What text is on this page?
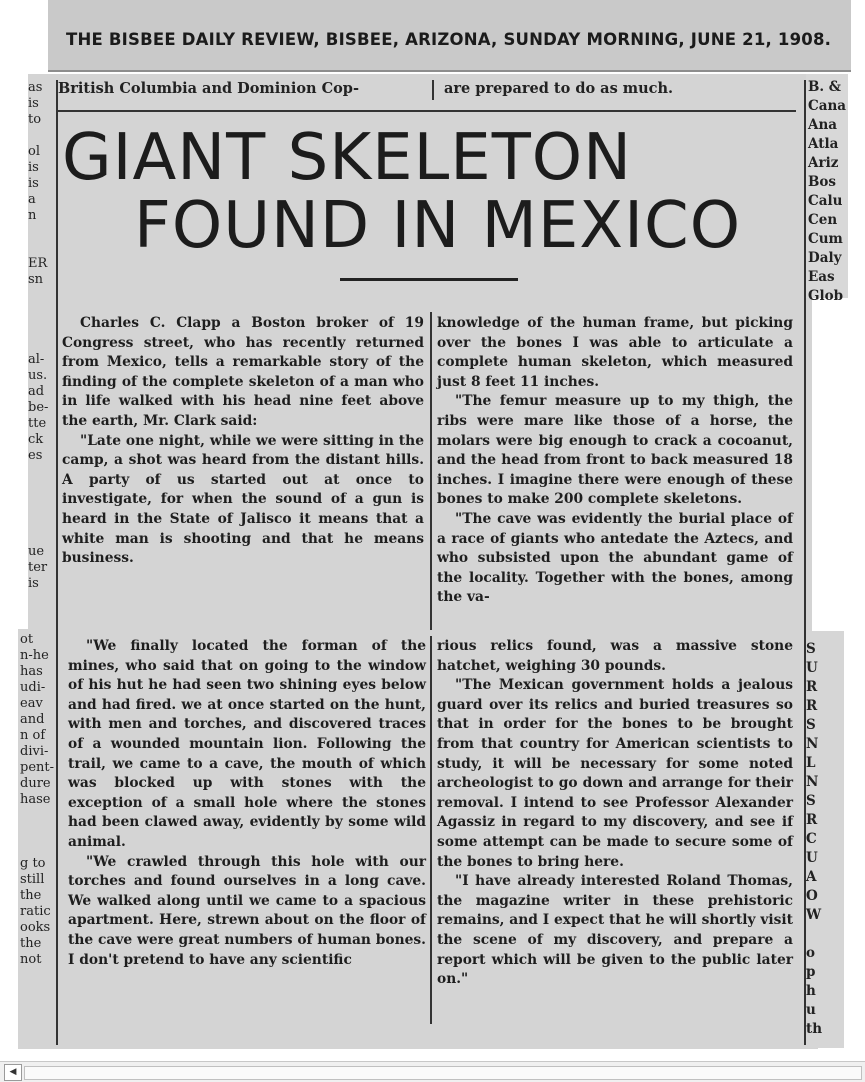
THE BISBEE DAILY REVIEW, BISBEE, ARIZONA, SUNDAY MORNING, JUNE 21, 1908.
British Columbia and Dominion Cop-	are prepared to do as much.
as
is
to

ol
is
is
a
n

ER
sn
al-
us.
ad
be-
tte
ck
es

ue
ter
is
ot
n-he
has
udi-
eav
and
n of
divi-
pent-
dure
hase

g to
still
the
ratic
ooks
the
not
B. &
Cana
Ana
Atla
Ariz
Bos
Calu
Cen
Cum
Daly
Eas
Glob
S
U
R
R
S
N
L
N
S
R
C
U
A
O
W

o
p
h
u
th
GIANT SKELETON
FOUND IN MEXICO

Charles C. Clapp a Boston broker of 19 Congress street, who has recently returned from Mexico, tells a remarkable story of the finding of the complete skeleton of a man who in life walked with his head nine feet above the earth, Mr. Clark said:

"Late one night, while we were sitting in the camp, a shot was heard from the distant hills. A party of us started out at once to investigate, for when the sound of a gun is heard in the State of Jalisco it means that a white man is shooting and that he means business.

knowledge of the human frame, but picking over the bones I was able to articulate a complete human skeleton, which measured just 8 feet 11 inches.

"The femur measure up to my thigh, the ribs were mare like those of a horse, the molars were big enough to crack a cocoanut, and the head from front to back measured 18 inches. I imagine there were enough of these bones to make 200 complete skeletons.

"The cave was evidently the burial place of a race of giants who antedate the Aztecs, and who subsisted upon the abundant game of the locality. Together with the bones, among the va-

"We finally located the forman of the mines, who said that on going to the window of his hut he had seen two shining eyes below and had fired. we at once started on the hunt, with men and torches, and discovered traces of a wounded mountain lion. Following the trail, we came to a cave, the mouth of which was blocked up with stones with the exception of a small hole where the stones had been clawed away, evidently by some wild animal.

"We crawled through this hole with our torches and found ourselves in a long cave. We walked along until we came to a spacious apartment. Here, strewn about on the floor of the cave were great numbers of human bones. I don't pretend to have any scientific

rious relics found, was a massive stone hatchet, weighing 30 pounds.

"The Mexican government holds a jealous guard over its relics and buried treasures so that in order for the bones to be brought from that country for American scientists to study, it will be necessary for some noted archeologist to go down and arrange for their removal. I intend to see Professor Alexander Agassiz in regard to my discovery, and see if some attempt can be made to secure some of the bones to bring here.

"I have already interested Roland Thomas, the magazine writer in these prehistoric remains, and I expect that he will shortly visit the scene of my discovery, and prepare a report which will be given to the public later on."

◀
